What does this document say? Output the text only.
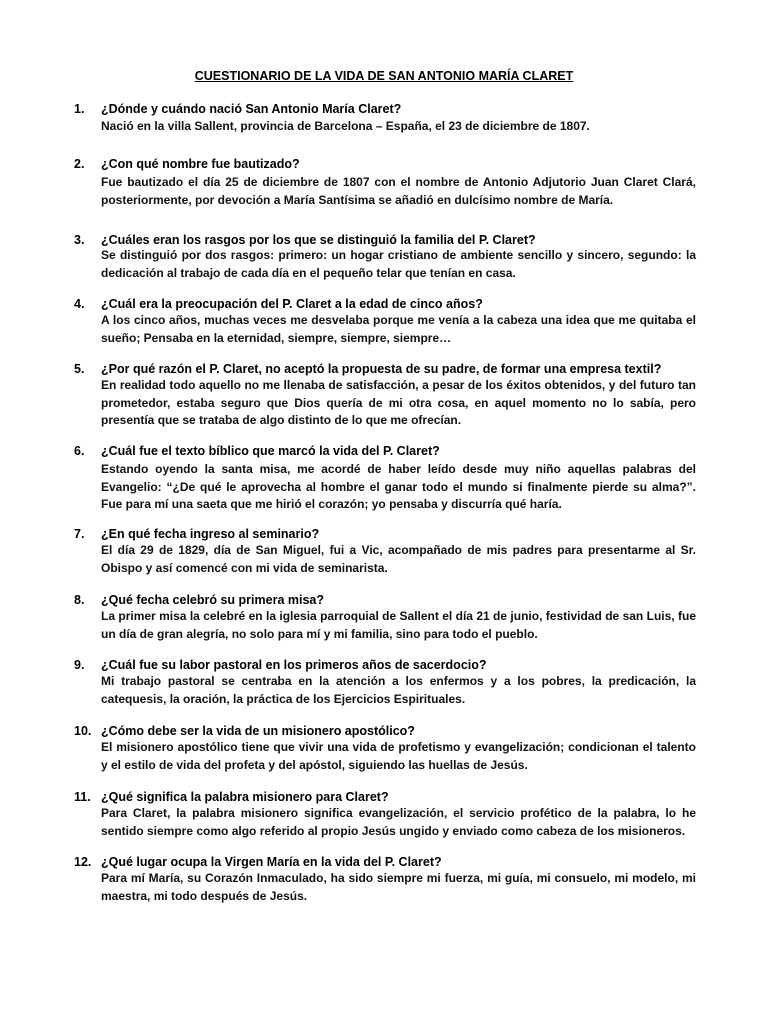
CUESTIONARIO DE LA VIDA DE SAN ANTONIO MARÍA CLARET
1.	¿Dónde y cuándo nació San Antonio María Claret?
Nació en la villa Sallent, provincia de Barcelona – España, el 23 de diciembre de 1807.
2.	¿Con qué nombre fue bautizado?
Fue bautizado el día 25 de diciembre de 1807 con el nombre de Antonio Adjutorio Juan Claret Clará, posteriormente, por devoción a María Santísima se añadió en dulcísimo nombre de María.
3.	¿Cuáles eran los rasgos por los que se distinguió la familia del P. Claret?
Se distinguió por dos rasgos: primero: un hogar cristiano de ambiente sencillo y sincero, segundo: la dedicación al trabajo de cada día en el pequeño telar que tenían en casa.
4.	¿Cuál era la preocupación del P. Claret a la edad de cinco años?
A los cinco años, muchas veces me desvelaba porque me venía a la cabeza una idea que me quitaba el sueño; Pensaba en la eternidad, siempre, siempre, siempre…
5.	¿Por qué razón el P. Claret, no aceptó la propuesta de su padre, de formar una empresa textil?
En realidad todo aquello no me llenaba de satisfacción, a pesar de los éxitos obtenidos, y del futuro tan prometedor, estaba seguro que Dios quería de mi otra cosa, en aquel momento no lo sabía, pero presentía que se trataba de algo distinto de lo que me ofrecían.
6.	¿Cuál fue el texto bíblico que marcó la vida del P. Claret?
Estando oyendo la santa misa, me acordé de haber leído desde muy niño aquellas palabras del Evangelio: “¿De qué le aprovecha al hombre el ganar todo el mundo si finalmente pierde su alma?”. Fue para mí una saeta que me hirió el corazón; yo pensaba y discurría qué haría.
7.	¿En qué fecha ingreso al seminario?
El día 29 de 1829, día de San Miguel, fui a Vic, acompañado de mis padres para presentarme al Sr. Obispo y así comencé con mi vida de seminarista.
8.	¿Qué fecha celebró su primera misa?
La primer misa la celebré en la iglesia parroquial de Sallent el día 21 de junio, festividad de san Luis, fue un día de gran alegría, no solo para mí y mi familia, sino para todo el pueblo.
9.	¿Cuál fue su labor pastoral en los primeros años de sacerdocio?
Mi trabajo pastoral se centraba en la atención a los enfermos y a los pobres, la predicación, la catequesis, la oración, la práctica de los Ejercicios Espirituales.
10. ¿Cómo debe ser la vida de un misionero apostólico?
El misionero apostólico tiene que vivir una vida de profetismo y evangelización; condicionan el talento y el estilo de vida del profeta y del apóstol, siguiendo las huellas de Jesús.
11. ¿Qué significa la palabra misionero para Claret?
Para Claret, la palabra misionero significa evangelización, el servicio profético de la palabra, lo he sentido siempre como algo referido al propio Jesús ungido y enviado como cabeza de los misioneros.
12. ¿Qué lugar ocupa la Virgen María en la vida del P. Claret?
Para mí María, su Corazón Inmaculado, ha sido siempre mi fuerza, mi guía, mi consuelo, mi modelo, mi maestra, mi todo después de Jesús.
